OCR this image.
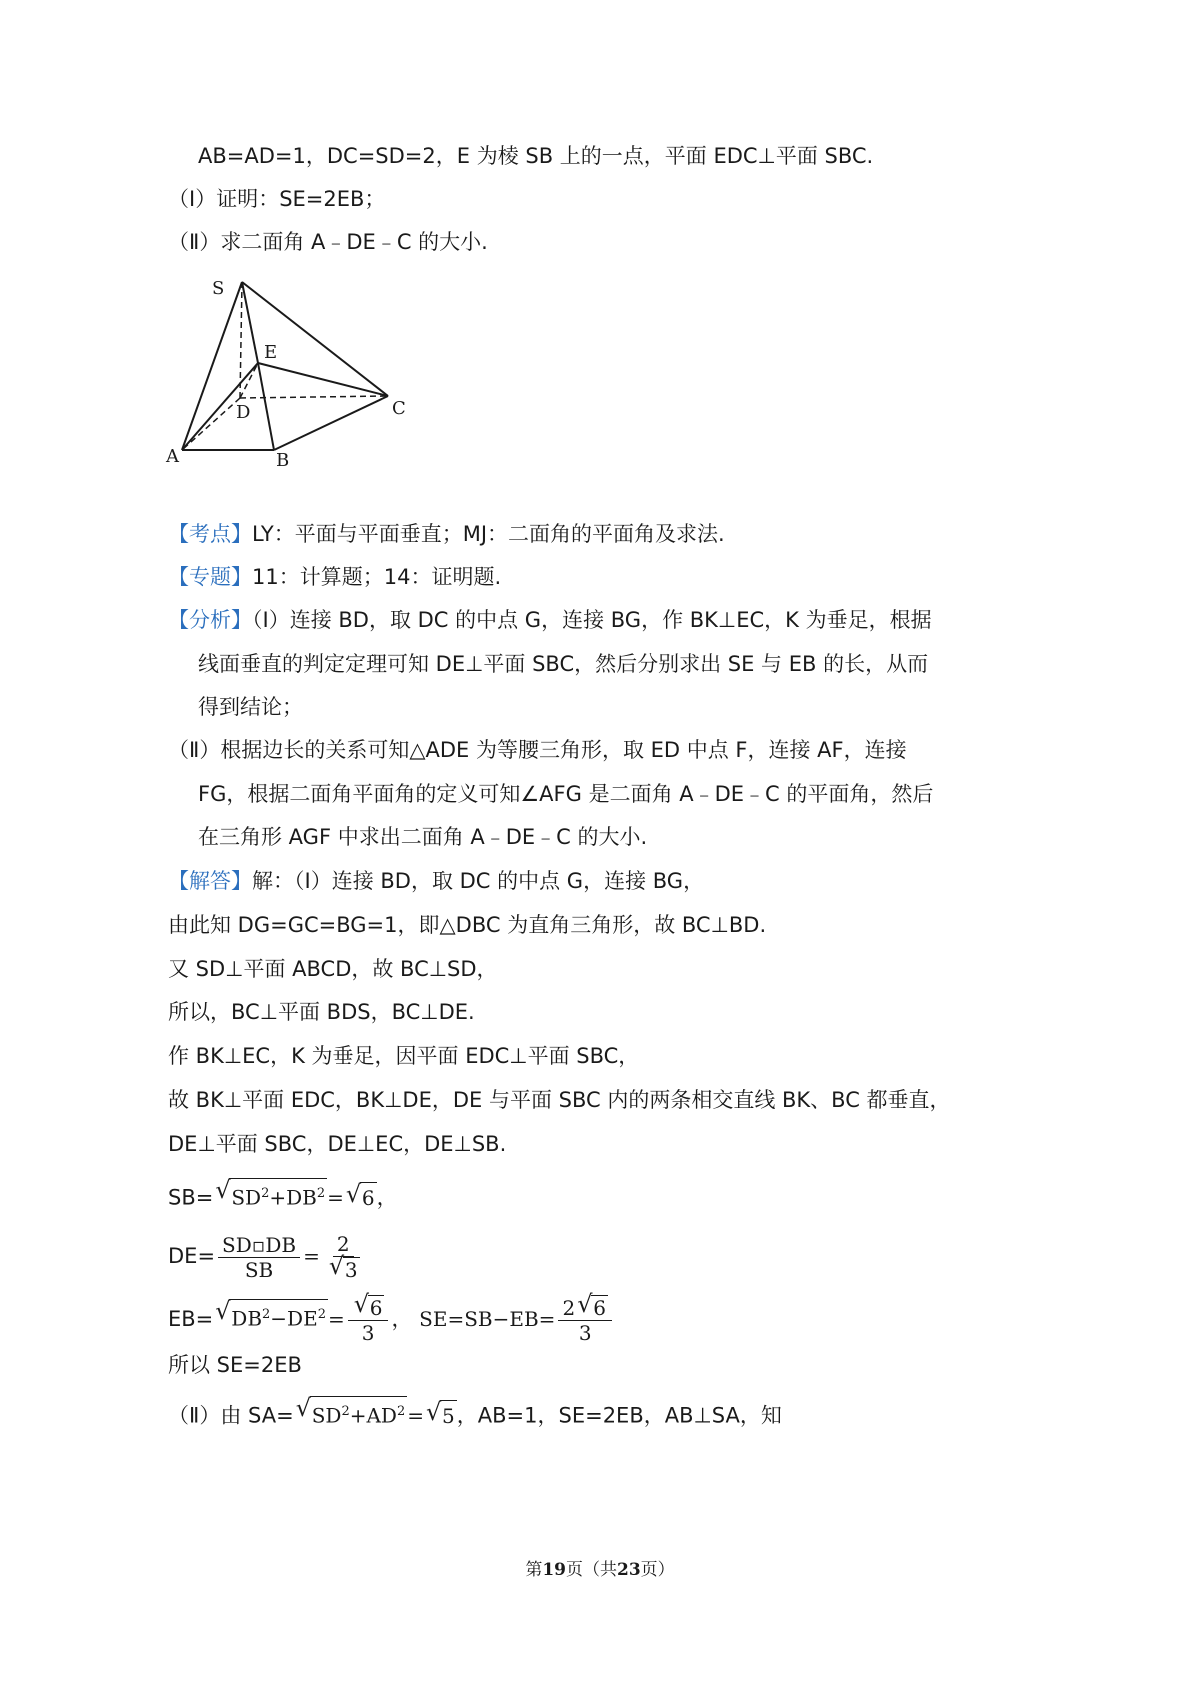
AB=AD=1，DC=SD=2，E 为棱 SB 上的一点，平面 EDC⊥平面 SBC.
（Ⅰ）证明：SE=2EB；
（Ⅱ）求二面角 A﹣DE﹣C 的大小.
S
E
D	C
A	B
【考点】LY：平面与平面垂直；MJ：二面角的平面角及求法.
【专题】11：计算题；14：证明题.
【分析】（Ⅰ）连接 BD，取 DC 的中点 G，连接 BG，作 BK⊥EC，K 为垂足，根据
线面垂直的判定定理可知 DE⊥平面 SBC，然后分别求出 SE 与 EB 的长，从而
得到结论；
（Ⅱ）根据边长的关系可知△ADE 为等腰三角形，取 ED 中点 F，连接 AF，连接
FG，根据二面角平面角的定义可知∠AFG 是二面角 A﹣DE﹣C 的平面角，然后
在三角形 AGF 中求出二面角 A﹣DE﹣C 的大小.
【解答】解：（Ⅰ）连接 BD，取 DC 的中点 G，连接 BG，
由此知 DG=GC=BG=1，即△DBC 为直角三角形，故 BC⊥BD.
又 SD⊥平面 ABCD，故 BC⊥SD，
所以，BC⊥平面 BDS，BC⊥DE.
作 BK⊥EC，K 为垂足，因平面 EDC⊥平面 SBC，
故 BK⊥平面 EDC，BK⊥DE，DE 与平面 SBC 内的两条相交直线 BK、BC 都垂直，
DE⊥平面 SBC，DE⊥EC，DE⊥SB.
SB= √ $SD^2+DB^2$ = √ 6，
$DE= \frac{SD▫DB}{SB} = 2$
√ 3
EB= √ $DB^2-DE^2$ = √ $\frac{6}{3}$ ， $SE=SB-EB= \frac{2 √ 6}{3}$
所以 SE=2EB
（Ⅱ）由 SA= √ $SD^2+AD^2$ = √ 5，AB=1，SE=2EB，AB⊥SA，知
第19页（共23页）
